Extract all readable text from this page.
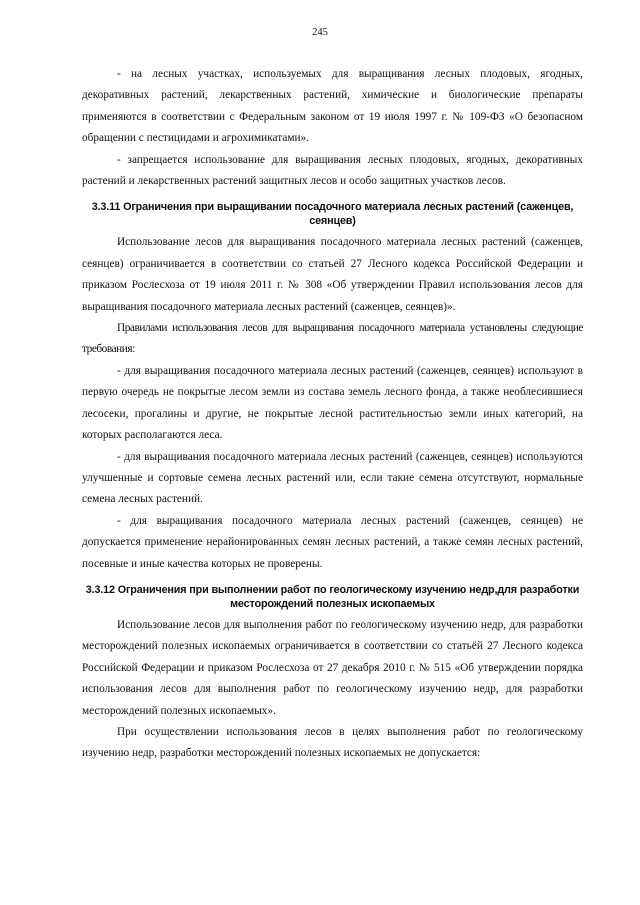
245

- на лесных участках, используемых для выращивания лесных плодовых, ягодных, декоративных растений, лекарственных растений, химические и биологические препараты применяются в соответствии с Федеральным законом от 19 июля 1997 г. № 109-ФЗ «О безопасном обращении с пестицидами и агрохимикатами».

- запрещается использование для выращивания лесных плодовых, ягодных, декоративных растений и лекарственных растений защитных лесов и особо защитных участков лесов.

3.3.11 Ограничения при выращивании посадочного материала лесных растений (саженцев, сеянцев)

Использование лесов для выращивания посадочного материала лесных растений (саженцев, сеянцев) ограничивается в соответствии со статьей 27 Лесного кодекса Российской Федерации и приказом Рослесхоза от 19 июля 2011 г. № 308 «Об утверждении Правил использования лесов для выращивания посадочного материала лесных растений (саженцев, сеянцев)».

Правилами использования лесов для выращивания посадочного материала установлены следующие требования:

- для выращивания посадочного материала лесных растений (саженцев, сеянцев) используют в первую очередь не покрытые лесом земли из состава земель лесного фонда, а также необлесившиеся лесосеки, прогалины и другие, не покрытые лесной растительностью земли иных категорий, на которых располагаются леса.

- для выращивания посадочного материала лесных растений (саженцев, сеянцев) используются улучшенные и сортовые семена лесных растений или, если такие семена отсутствуют, нормальные семена лесных растений.

- для выращивания посадочного материала лесных растений (саженцев, сеянцев) не допускается применение нерайонированных семян лесных растений, а также семян лесных растений, посевные и иные качества которых не проверены.

3.3.12 Ограничения при выполнении работ по геологическому изучению недр,для разработки месторождений полезных ископаемых

Использование лесов для выполнения работ по геологическому изучению недр, для разработки месторождений полезных ископаемых ограничивается в соответствии со статьёй 27 Лесного кодекса Российской Федерации и приказом Рослесхоза от 27 декабря 2010 г. № 515 «Об утверждении порядка использования лесов для выполнения работ по геологическому изучению недр, для разработки месторождений полезных ископаемых».

При осуществлении использования лесов в целях выполнения работ по геологическому изучению недр, разработки месторождений полезных ископаемых не допускается:
